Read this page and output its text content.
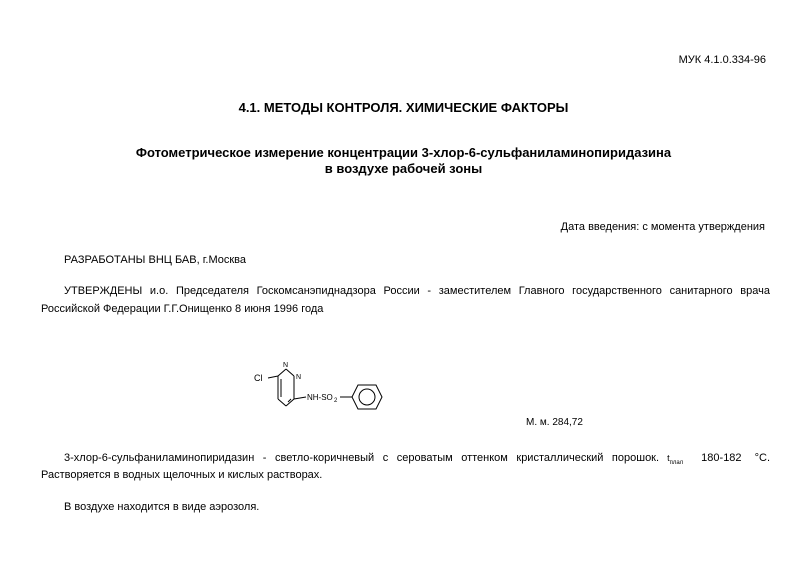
МУК 4.1.0.334-96
4.1. МЕТОДЫ КОНТРОЛЯ. ХИМИЧЕСКИЕ ФАКТОРЫ
Фотометрическое измерение концентрации 3-хлор-6-сульфаниламинопиридазина
в воздухе рабочей зоны
Дата введения: с момента утверждения
РАЗРАБОТАНЫ ВНЦ БАВ, г.Москва
УТВЕРЖДЕНЫ и.о. Председателя Госкомсанэпиднадзора России - заместителем Главного государственного санитарного врача Российской Федерации Г.Г.Онищенко 8 июня 1996 года
Cl
N
N
NH-SO 2
М. м. 284,72
3-хлор-6-сульфаниламинопиридазин - светло-коричневый с сероватым оттенком кристаллический порошок. $t_{плал}$ 180-182 °С.
Растворяется в водных щелочных и кислых растворах.
В воздухе находится в виде аэрозоля.
